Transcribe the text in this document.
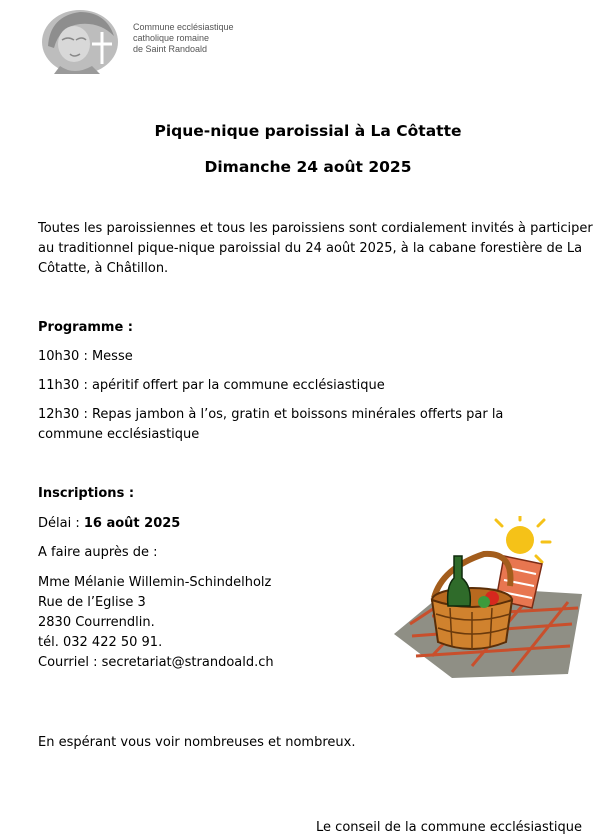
Commune ecclésiastique
catholique romaine
de Saint Randoald
Pique-nique paroissial à La Côtatte
Dimanche 24 août 2025
Toutes les paroissiennes et tous les paroissiens sont cordialement invités à participer au traditionnel pique-nique paroissial du 24 août 2025, à la cabane forestière de La Côtatte, à Châtillon.
Programme :
10h30 : Messe
11h30 : apéritif offert par la commune ecclésiastique
12h30 : Repas jambon à l’os, gratin et boissons minérales offerts par la commune ecclésiastique
Inscriptions :
Délai : 16 août 2025
A faire auprès de :
Mme Mélanie Willemin-Schindelholz
Rue de l’Eglise 3
2830 Courrendlin.
tél. 032 422 50 91.
Courriel : secretariat@strandoald.ch
En espérant vous voir nombreuses et nombreux.
Le conseil de la commune ecclésiastique
